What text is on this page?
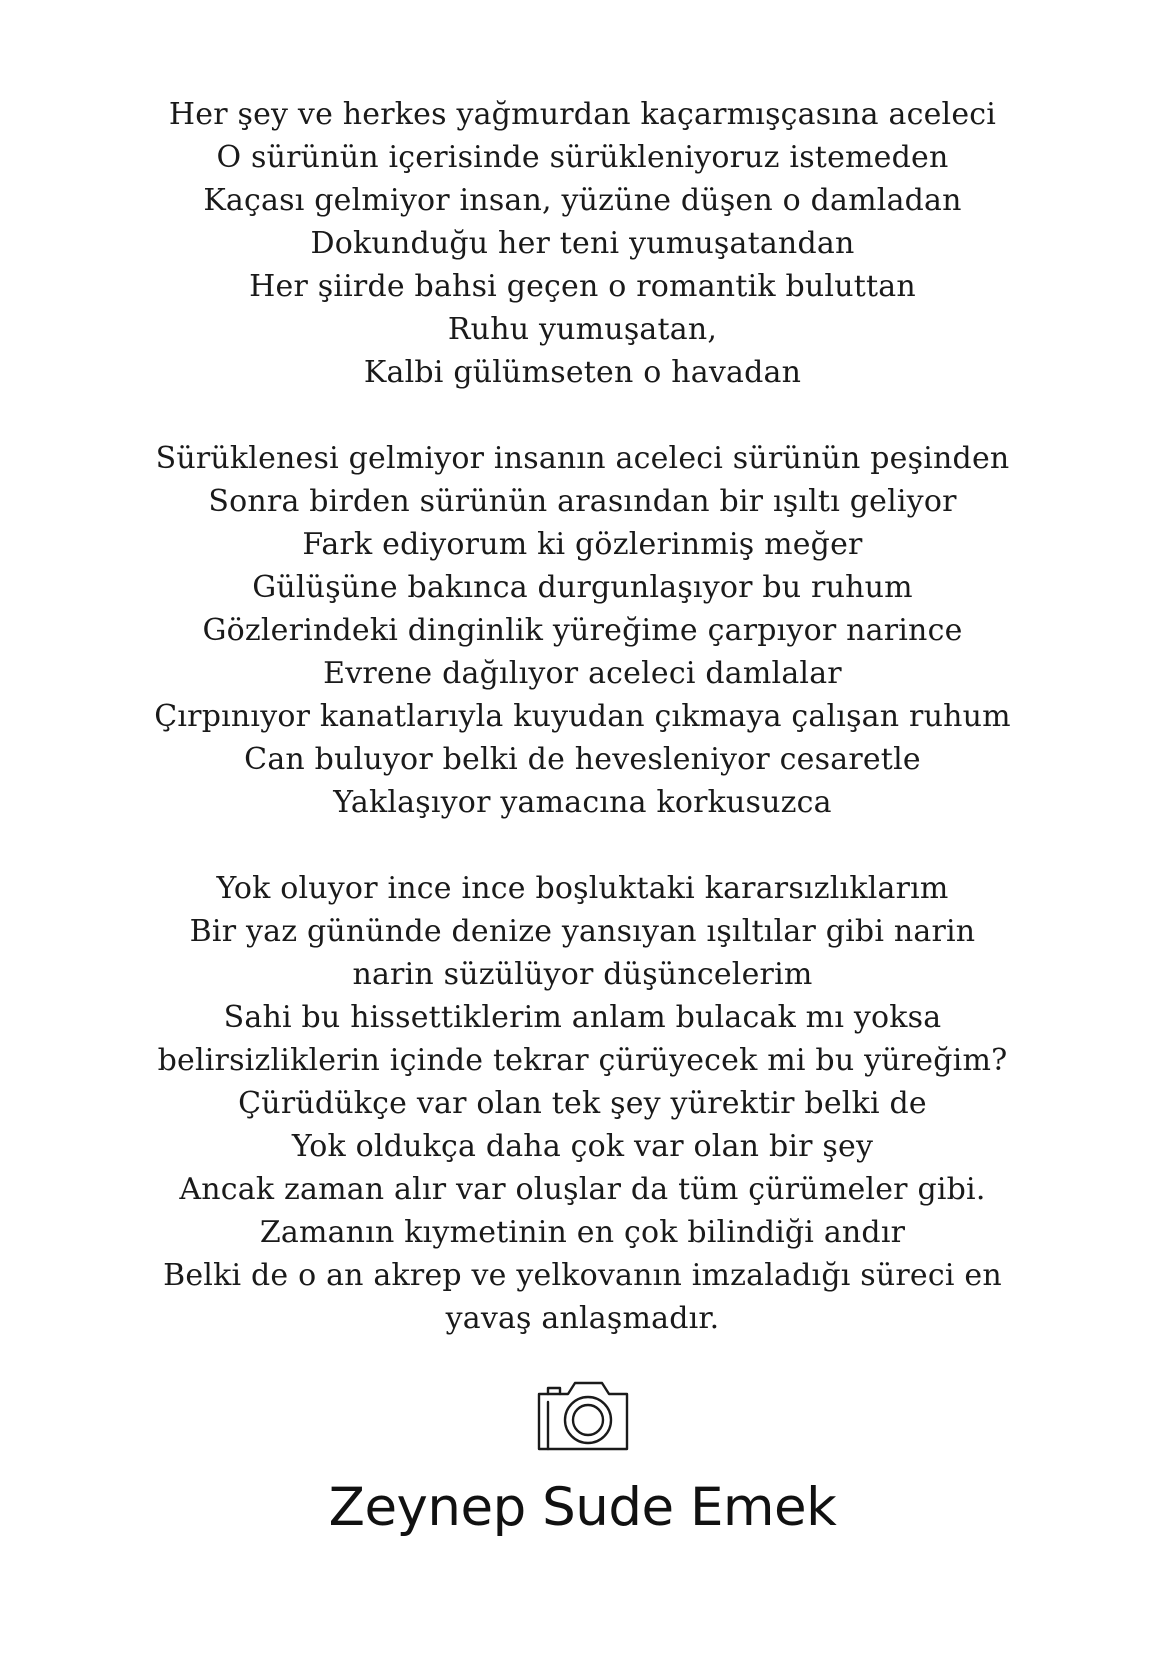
Her şey ve herkes yağmurdan kaçarmışçasına aceleci
O sürünün içerisinde sürükleniyoruz istemeden
Kaçası gelmiyor insan, yüzüne düşen o damladan
Dokunduğu her teni yumuşatandan
Her şiirde bahsi geçen o romantik buluttan
Ruhu yumuşatan,
Kalbi gülümseten o havadan
Sürüklenesi gelmiyor insanın aceleci sürünün peşinden
Sonra birden sürünün arasından bir ışıltı geliyor
Fark ediyorum ki gözlerinmiş meğer
Gülüşüne bakınca durgunlaşıyor bu ruhum
Gözlerindeki dinginlik yüreğime çarpıyor narince
Evrene dağılıyor aceleci damlalar
Çırpınıyor kanatlarıyla kuyudan çıkmaya çalışan ruhum
Can buluyor belki de hevesleniyor cesaretle
Yaklaşıyor yamacına korkusuzca
Yok oluyor ince ince boşluktaki kararsızlıklarım
Bir yaz gününde denize yansıyan ışıltılar gibi narin
narin süzülüyor düşüncelerim
Sahi bu hissettiklerim anlam bulacak mı yoksa
belirsizliklerin içinde tekrar çürüyecek mi bu yüreğim?
Çürüdükçe var olan tek şey yürektir belki de
Yok oldukça daha çok var olan bir şey
Ancak zaman alır var oluşlar da tüm çürümeler gibi.
Zamanın kıymetinin en çok bilindiği andır
Belki de o an akrep ve yelkovanın imzaladığı süreci en
yavaş anlaşmadır.
Zeynep Sude Emek
